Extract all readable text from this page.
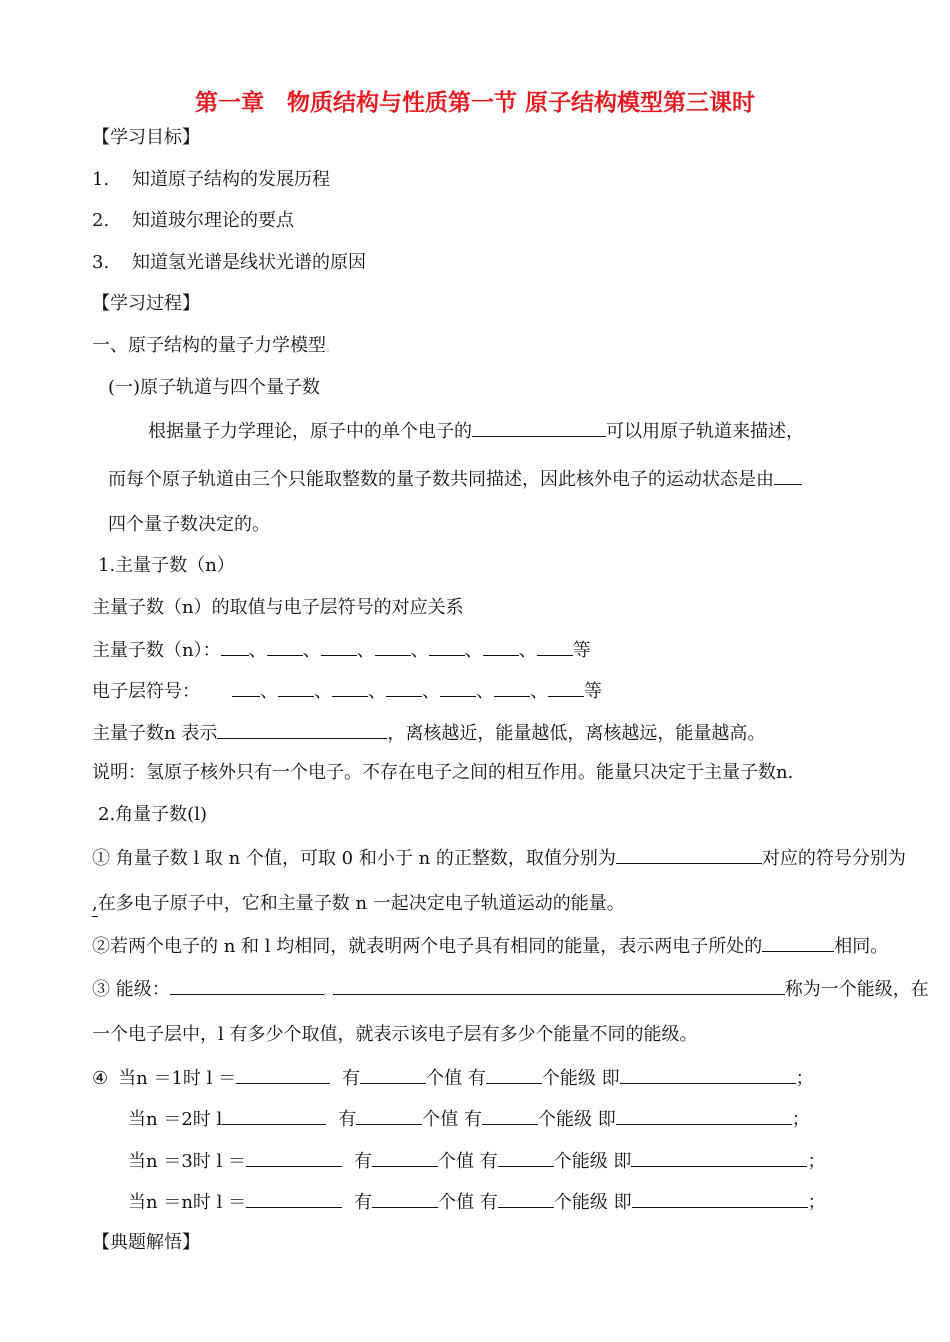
第一章　物质结构与性质第一节 原子结构模型第三课时
【学习目标】
1. 知道原子结构的发展历程
2. 知道玻尔理论的要点
3. 知道氢光谱是线状光谱的原因
【学习过程】
一、原子结构的量子力学模型。
(一)原子轨道与四个量子数
根据量子力学理论，原子中的单个电子的	可以用原子轨道来描述，
而每个原子轨道由三个只能取整数的量子数共同描述，因此核外电子的运动状态是由
四个量子数决定的。
1.主量子数（n）
主量子数（n）的取值与电子层符号的对应关系
主量子数（n）： 、 、 、 、 、 、 等
电子层符号：	、 、 、 、 、 、 等
主量子数n 表示	，离核越近，能量越低，离核越远，能量越高。
说明：氢原子核外只有一个电子。不存在电子之间的相互作用。能量只决定于主量子数n.
2.角量子数(l)
① 角量子数 l 取 n 个值，可取 0 和小于 n 的正整数，取值分别为	对应的符号分别为
,在多电子原子中，它和主量子数 n 一起决定电子轨道运动的能量。
②若两个电子的 n 和 l 均相同，就表明两个电子具有相同的能量，表示两电子所处的	相同。
③ 能级：	。	称为一个能级，在
一个电子层中，l 有多少个取值，就表示该电子层有多少个能量不同的能级。
④ 当n ＝1时 l ＝	有	个值 有	个能级 即	；
当n ＝2时 l	有	个值 有	个能级 即	；
当n ＝3时 l ＝	有	个值 有	个能级 即	；
当n ＝n时 l ＝	有	个值 有	个能级 即	；
【典题解悟】
